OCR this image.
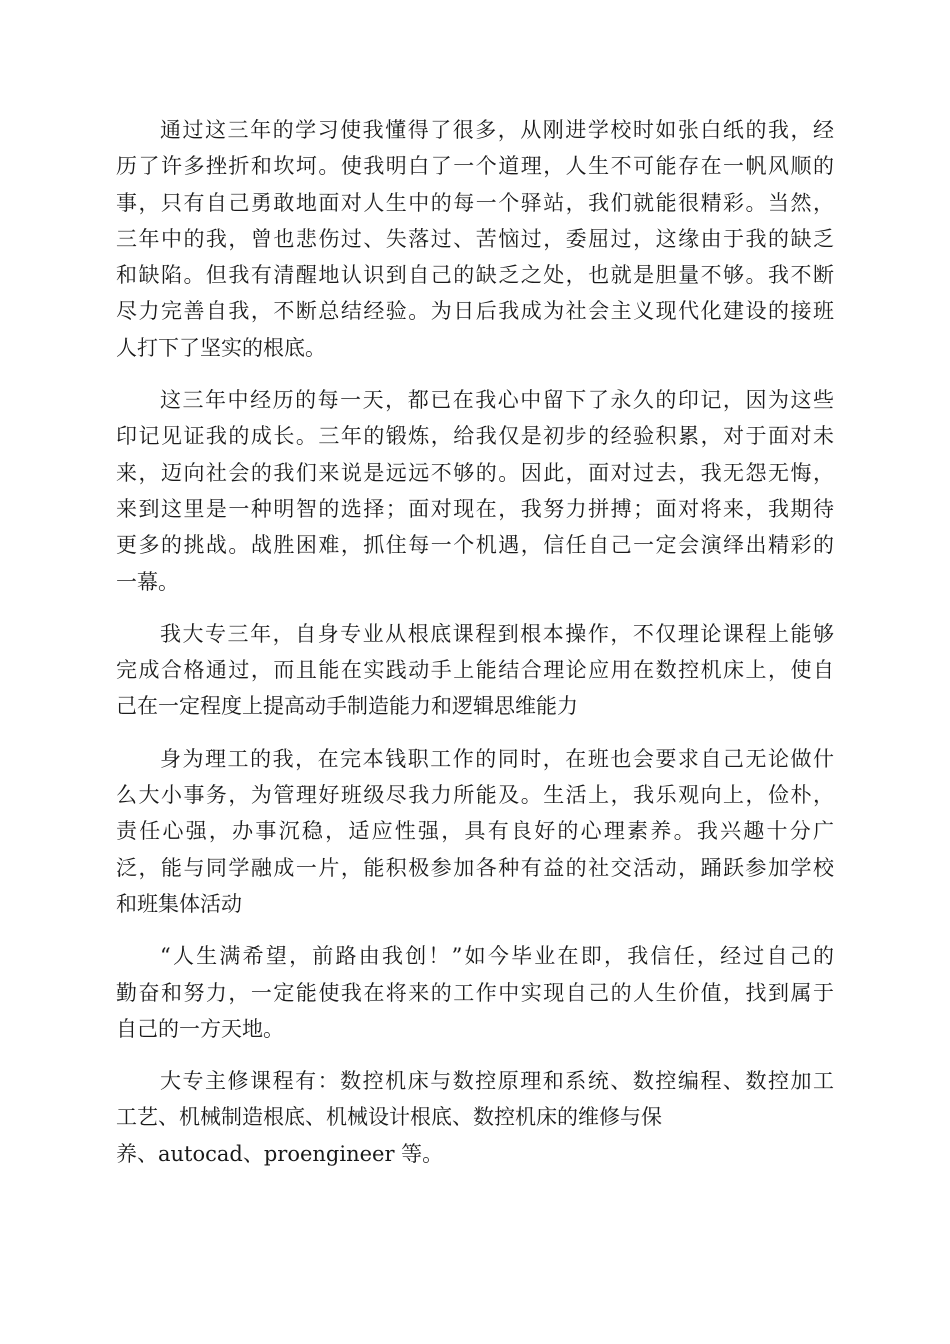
通过这三年的学习使我懂得了很多，从刚进学校时如张白纸的我，经
历了许多挫折和坎坷。使我明白了一个道理，人生不可能存在一帆风顺的
事，只有自己勇敢地面对人生中的每一个驿站，我们就能很精彩。当然，
三年中的我，曾也悲伤过、失落过、苦恼过，委屈过，这缘由于我的缺乏
和缺陷。但我有清醒地认识到自己的缺乏之处，也就是胆量不够。我不断
尽力完善自我，不断总结经验。为日后我成为社会主义现代化建设的接班
人打下了坚实的根底。
这三年中经历的每一天，都已在我心中留下了永久的印记，因为这些
印记见证我的成长。三年的锻炼，给我仅是初步的经验积累，对于面对未
来，迈向社会的我们来说是远远不够的。因此，面对过去，我无怨无悔，
来到这里是一种明智的选择；面对现在，我努力拼搏；面对将来，我期待
更多的挑战。战胜困难，抓住每一个机遇，信任自己一定会演绎出精彩的
一幕。
我大专三年，自身专业从根底课程到根本操作，不仅理论课程上能够
完成合格通过，而且能在实践动手上能结合理论应用在数控机床上，使自
己在一定程度上提高动手制造能力和逻辑思维能力
身为理工的我，在完本钱职工作的同时，在班也会要求自己无论做什
么大小事务，为管理好班级尽我力所能及。生活上，我乐观向上，俭朴，
责任心强，办事沉稳，适应性强，具有良好的心理素养。我兴趣十分广
泛，能与同学融成一片，能积极参加各种有益的社交活动，踊跃参加学校
和班集体活动
“人生满希望，前路由我创！”如今毕业在即，我信任，经过自己的
勤奋和努力，一定能使我在将来的工作中实现自己的人生价值，找到属于
自己的一方天地。
大专主修课程有：数控机床与数控原理和系统、数控编程、数控加工
工艺、机械制造根底、机械设计根底、数控机床的维修与保
养、autocad、proengineer 等。
